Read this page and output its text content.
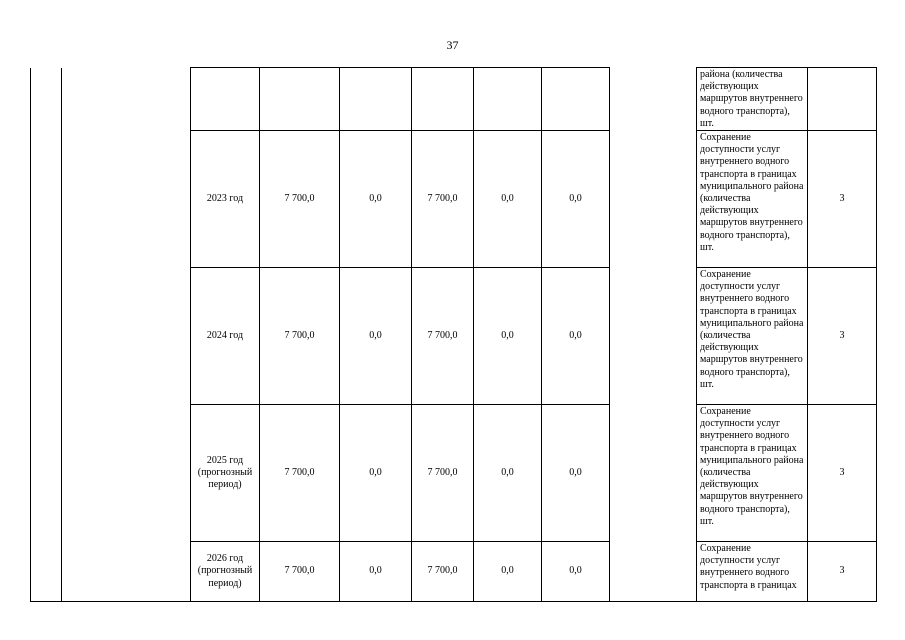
37
									района (количества действующих маршрутов внутреннего водного транспорта), шт.	
		2023 год	7 700,0	0,0	7 700,0	0,0	0,0		Сохранение доступности услуг внутреннего водного транспорта в границах муниципального района (количества действующих маршрутов внутреннего водного транспорта), шт.	3
		2024 год	7 700,0	0,0	7 700,0	0,0	0,0		Сохранение доступности услуг внутреннего водного транспорта в границах муниципального района (количества действующих маршрутов внутреннего водного транспорта), шт.	3
		2025 год (прогнозный период)	7 700,0	0,0	7 700,0	0,0	0,0		Сохранение доступности услуг внутреннего водного транспорта в границах муниципального района (количества действующих маршрутов внутреннего водного транспорта), шт.	3
		2026 год (прогнозный период)	7 700,0	0,0	7 700,0	0,0	0,0		Сохранение доступности услуг внутреннего водного транспорта в границах	3
